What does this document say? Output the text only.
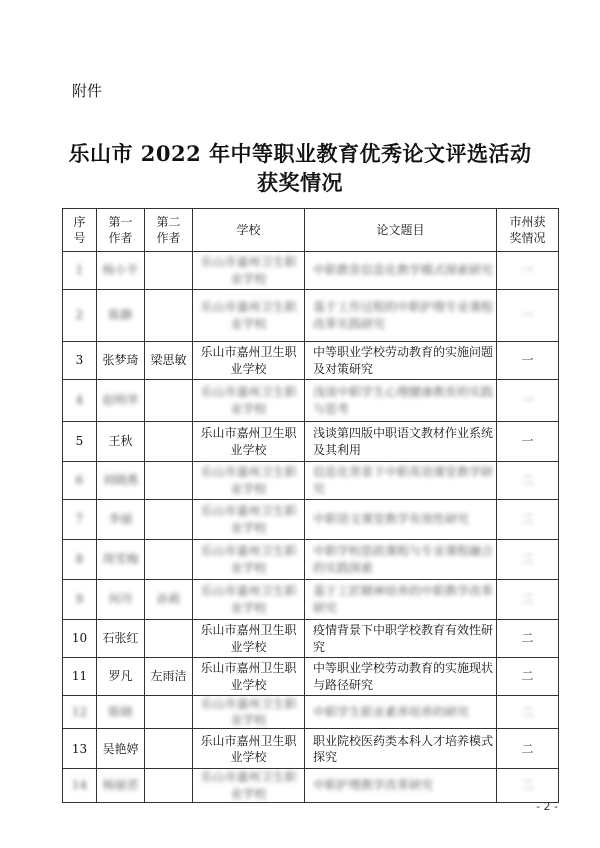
附件
乐山市 2022 年中等职业教育优秀论文评选活动
获奖情况
序号	第一作者	第二作者	学校	论文题目	市州获奖情况
1	杨小平		乐山市嘉州卫生职业学校	中职教育信息化教学模式探索研究	一
2	陈静		乐山市嘉州卫生职业学校	基于工作过程的中职护理专业课程改革实践研究	一
3	张梦琦	梁思敏	乐山市嘉州卫生职业学校	中等职业学校劳动教育的实施问题及对策研究	一
4	赵明华		乐山市嘉州卫生职业学校	浅谈中职学生心理健康教育的实践与思考	一
5	王秋		乐山市嘉州卫生职业学校	浅谈第四版中职语文教材作业系统及其利用	一
6	刘晓燕		乐山市嘉州卫生职业学校	信息化背景下中职英语课堂教学研究	二
7	李丽		乐山市嘉州卫生职业学校	中职语文课堂教学有效性研究	二
8	周雪梅		乐山市嘉州卫生职业学校	中职学校思政课程与专业课程融合的实践探索	二
9	何丹	孙莉	乐山市嘉州卫生职业学校	基于工匠精神培养的中职教学改革研究	二
10	石张红		乐山市嘉州卫生职业学校	疫情背景下中职学校教育有效性研究	二
11	罗凡	左雨洁	乐山市嘉州卫生职业学校	中等职业学校劳动教育的实施现状与路径研究	二
12	陈晓		乐山市嘉州卫生职业学校	中职学生职业素养培养的研究	二
13	吴艳婷		乐山市嘉州卫生职业学校	职业院校医药类本科人才培养模式探究	二
14	杨丽君		乐山市嘉州卫生职业学校	中职护理教学改革研究	二
- 2 -
